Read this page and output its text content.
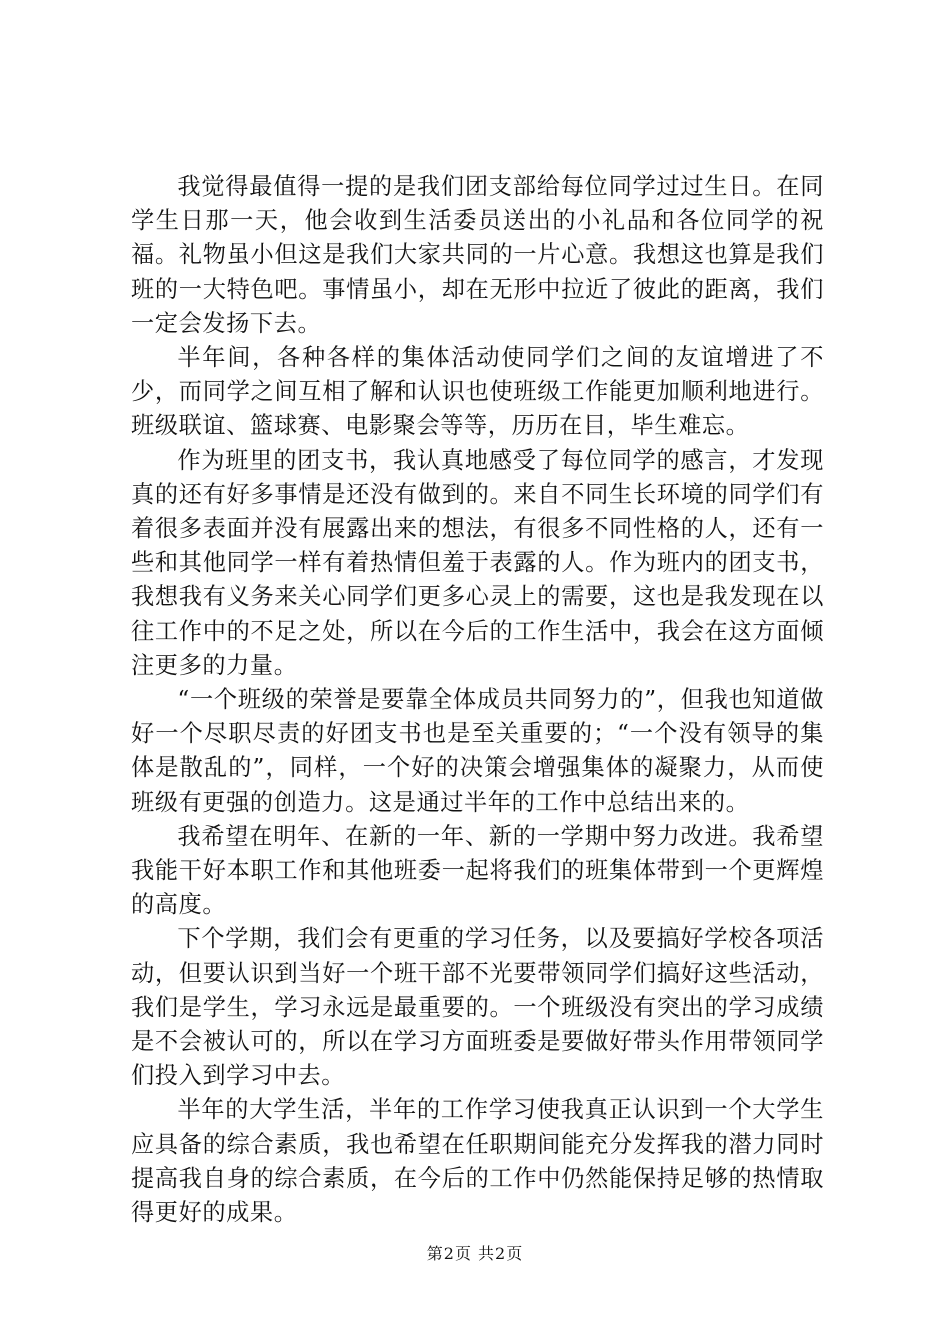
我觉得最值得一提的是我们团支部给每位同学过过生日。在同学生日那一天，他会收到生活委员送出的小礼品和各位同学的祝福。礼物虽小但这是我们大家共同的一片心意。我想这也算是我们班的一大特色吧。事情虽小，却在无形中拉近了彼此的距离，我们一定会发扬下去。

半年间，各种各样的集体活动使同学们之间的友谊增进了不少，而同学之间互相了解和认识也使班级工作能更加顺利地进行。班级联谊、篮球赛、电影聚会等等，历历在目，毕生难忘。

作为班里的团支书，我认真地感受了每位同学的感言，才发现真的还有好多事情是还没有做到的。来自不同生长环境的同学们有着很多表面并没有展露出来的想法，有很多不同性格的人，还有一些和其他同学一样有着热情但羞于表露的人。作为班内的团支书，我想我有义务来关心同学们更多心灵上的需要，这也是我发现在以往工作中的不足之处，所以在今后的工作生活中，我会在这方面倾注更多的力量。

“一个班级的荣誉是要靠全体成员共同努力的”，但我也知道做好一个尽职尽责的好团支书也是至关重要的；“一个没有领导的集体是散乱的”，同样，一个好的决策会增强集体的凝聚力，从而使班级有更强的创造力。这是通过半年的工作中总结出来的。

我希望在明年、在新的一年、新的一学期中努力改进。我希望我能干好本职工作和其他班委一起将我们的班集体带到一个更辉煌的高度。

下个学期，我们会有更重的学习任务，以及要搞好学校各项活动，但要认识到当好一个班干部不光要带领同学们搞好这些活动，我们是学生，学习永远是最重要的。一个班级没有突出的学习成绩是不会被认可的，所以在学习方面班委是要做好带头作用带领同学们投入到学习中去。

半年的大学生活，半年的工作学习使我真正认识到一个大学生应具备的综合素质，我也希望在任职期间能充分发挥我的潜力同时提高我自身的综合素质，在今后的工作中仍然能保持足够的热情取得更好的成果。

第2页 共2页
